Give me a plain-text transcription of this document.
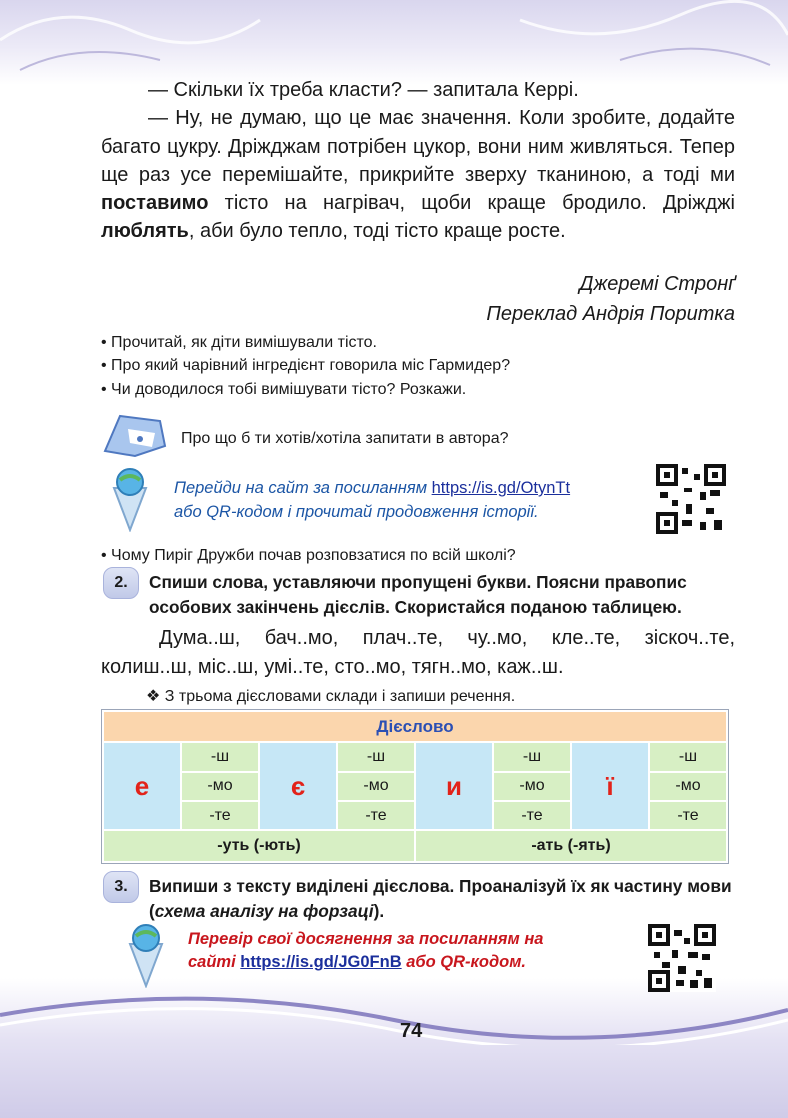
— Скільки їх треба класти? — запитала Керрі.

— Ну, не думаю, що це має значення. Коли зробите, додайте багато цукру. Дріжджам потрібен цукор, вони ним живляться. Тепер ще раз усе перемішайте, прикрийте зверху тканиною, а тоді ми поставимо тісто на нагрівач, щоби краще бродило. Дріжджі люблять, аби було тепло, тоді тісто краще росте.

Джеремі Стронґ
Переклад Андрія Поритка
• Прочитай, як діти вимішували тісто.
• Про який чарівний інгредієнт говорила міс Гармидер?
• Чи доводилося тобі вимішувати тісто? Розкажи.
Про що б ти хотів/хотіла запитати в автора?
Перейди на сайт за посиланням https://is.gd/OtynTt
або QR-кодом і прочитай продовження історії.
• Чому Пиріг Дружби почав розповзатися по всій школі?
2.	Спиши слова, уставляючи пропущені букви. Поясни правопис особових закінчень дієслів. Скористайся поданою таблицею.
Дума..ш, бач..мо, плач..те, чу..мо, кле..те, зіскоч..те, колиш..ш, міс..ш, умі..те, сто..мо, тягн..мо, каж..ш.
❖ З трьома дієсловами склади і запиши речення.
Дієслово							
е	-ш	є	-ш	и	-ш	ї	-ш
	-мо		-мо		-мо		-мо
	-те		-те		-те		-те
-уть (-ють)				-ать (-ять)			
3.	Випиши з тексту виділені дієслова. Проаналізуй їх як частину мови (схема аналізу на форзаці).
Перевір свої досягнення за посиланням на
сайті https://is.gd/JG0FnB або QR-кодом.
74
